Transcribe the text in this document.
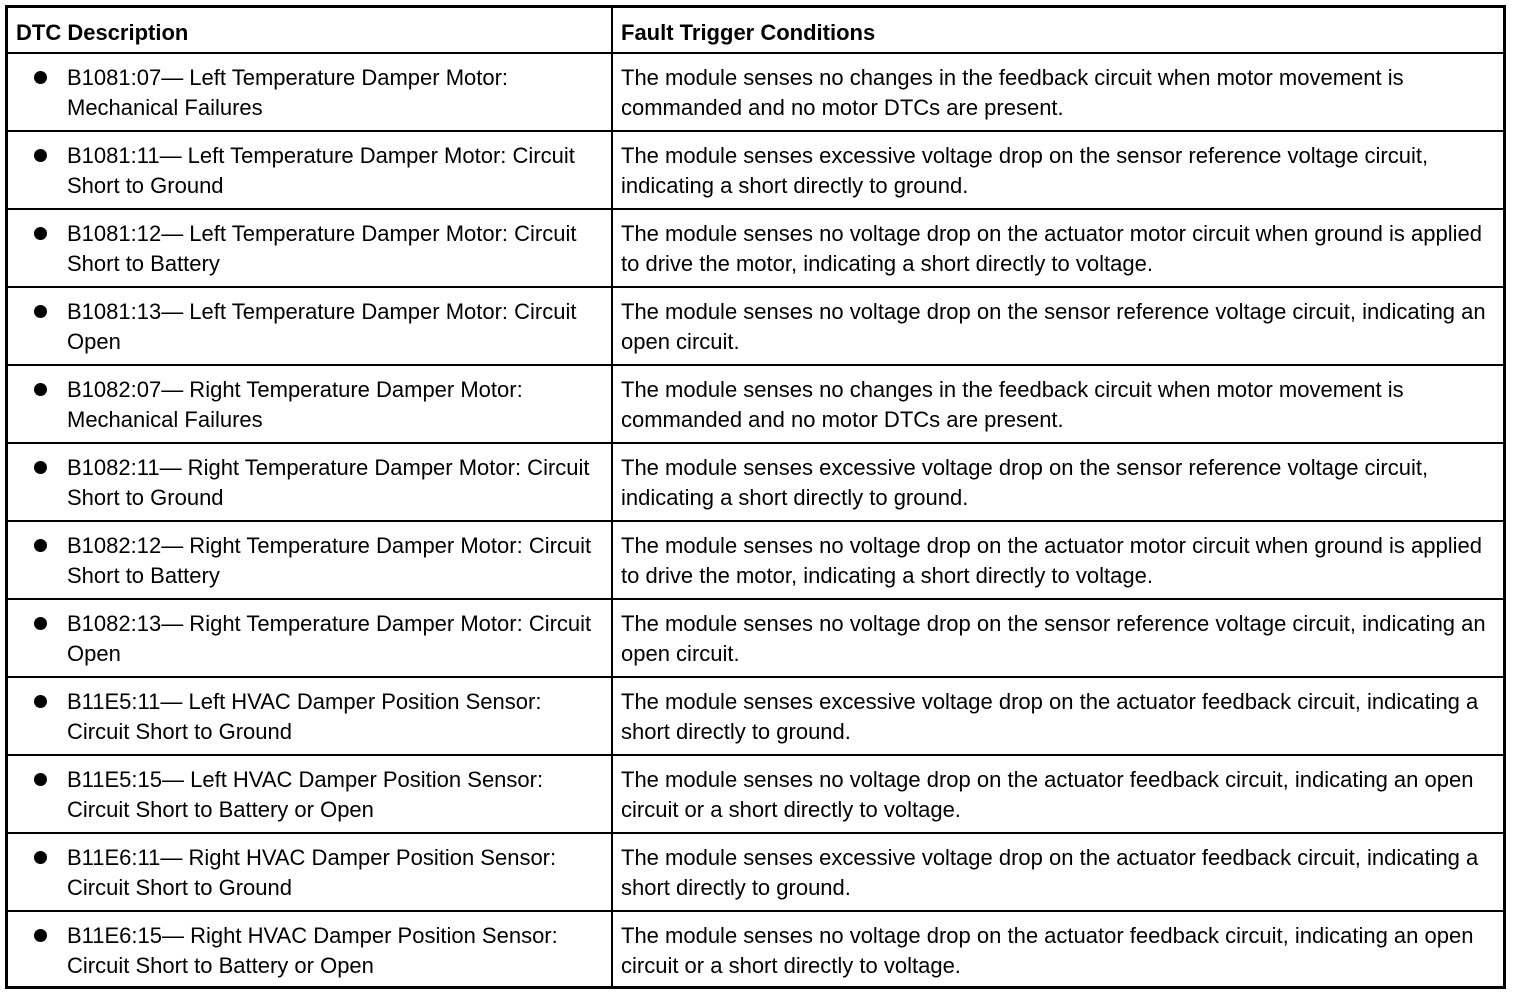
DTC Description	Fault Trigger Conditions

B1081:07— Left Temperature Damper Motor: Mechanical Failures	The module senses no changes in the feedback circuit when motor movement is commanded and no motor DTCs are present.

B1081:11— Left Temperature Damper Motor: Circuit Short to Ground	The module senses excessive voltage drop on the sensor reference voltage circuit, indicating a short directly to ground.

B1081:12— Left Temperature Damper Motor: Circuit Short to Battery	The module senses no voltage drop on the actuator motor circuit when ground is applied to drive the motor, indicating a short directly to voltage.

B1081:13— Left Temperature Damper Motor: Circuit Open	The module senses no voltage drop on the sensor reference voltage circuit, indicating an open circuit.

B1082:07— Right Temperature Damper Motor: Mechanical Failures	The module senses no changes in the feedback circuit when motor movement is commanded and no motor DTCs are present.

B1082:11— Right Temperature Damper Motor: Circuit Short to Ground	The module senses excessive voltage drop on the sensor reference voltage circuit, indicating a short directly to ground.

B1082:12— Right Temperature Damper Motor: Circuit Short to Battery	The module senses no voltage drop on the actuator motor circuit when ground is applied to drive the motor, indicating a short directly to voltage.

B1082:13— Right Temperature Damper Motor: Circuit Open	The module senses no voltage drop on the sensor reference voltage circuit, indicating an open circuit.

B11E5:11— Left HVAC Damper Position Sensor: Circuit Short to Ground	The module senses excessive voltage drop on the actuator feedback circuit, indicating a short directly to ground.

B11E5:15— Left HVAC Damper Position Sensor: Circuit Short to Battery or Open	The module senses no voltage drop on the actuator feedback circuit, indicating an open circuit or a short directly to voltage.

B11E6:11— Right HVAC Damper Position Sensor: Circuit Short to Ground	The module senses excessive voltage drop on the actuator feedback circuit, indicating a short directly to ground.

B11E6:15— Right HVAC Damper Position Sensor: Circuit Short to Battery or Open	The module senses no voltage drop on the actuator feedback circuit, indicating an open circuit or a short directly to voltage.
